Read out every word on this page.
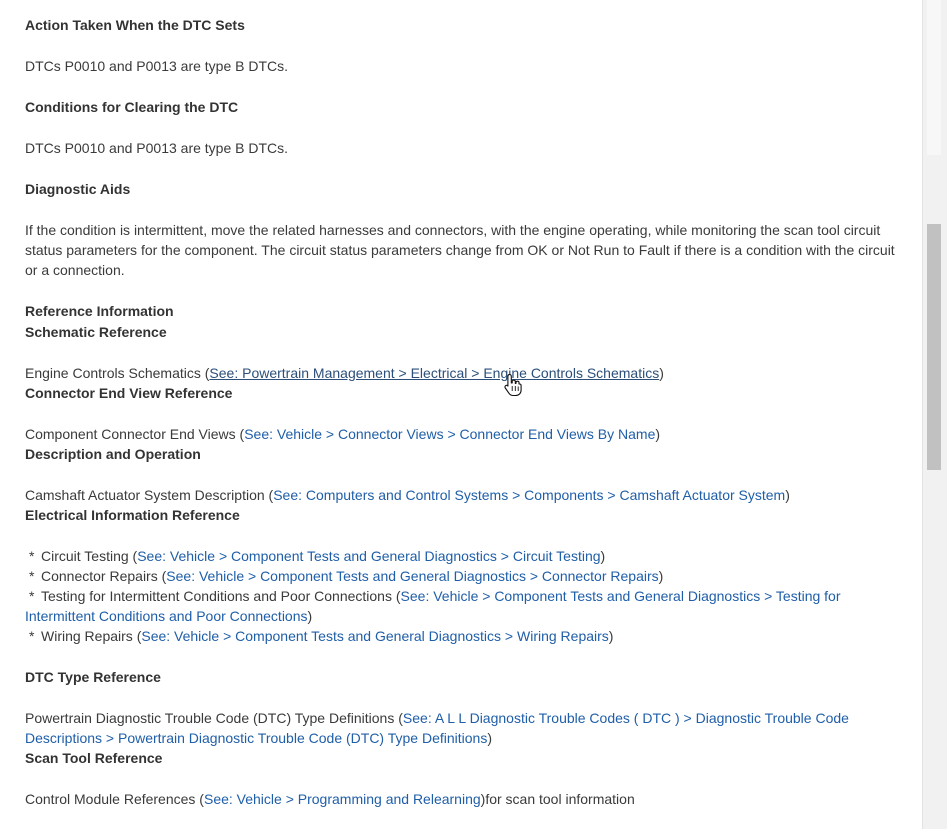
Action Taken When the DTC Sets

DTCs P0010 and P0013 are type B DTCs.

Conditions for Clearing the DTC

DTCs P0010 and P0013 are type B DTCs.

Diagnostic Aids

If the condition is intermittent, move the related harnesses and connectors, with the engine operating, while monitoring the scan tool circuit status parameters for the component. The circuit status parameters change from OK or Not Run to Fault if there is a condition with the circuit or a connection.

Reference Information

Schematic Reference

Engine Controls Schematics (See: Powertrain Management > Electrical > Engine Controls Schematics)

Connector End View Reference

Component Connector End Views (See: Vehicle > Connector Views > Connector End Views By Name)

Description and Operation

Camshaft Actuator System Description (See: Computers and Control Systems > Components > Camshaft Actuator System)

Electrical Information Reference

* Circuit Testing (See: Vehicle > Component Tests and General Diagnostics > Circuit Testing)

* Connector Repairs (See: Vehicle > Component Tests and General Diagnostics > Connector Repairs)

* Testing for Intermittent Conditions and Poor Connections (See: Vehicle > Component Tests and General Diagnostics > Testing for Intermittent Conditions and Poor Connections)

* Wiring Repairs (See: Vehicle > Component Tests and General Diagnostics > Wiring Repairs)

DTC Type Reference

Powertrain Diagnostic Trouble Code (DTC) Type Definitions (See: A L L Diagnostic Trouble Codes ( DTC ) > Diagnostic Trouble Code Descriptions > Powertrain Diagnostic Trouble Code (DTC) Type Definitions)

Scan Tool Reference

Control Module References (See: Vehicle > Programming and Relearning)for scan tool information
